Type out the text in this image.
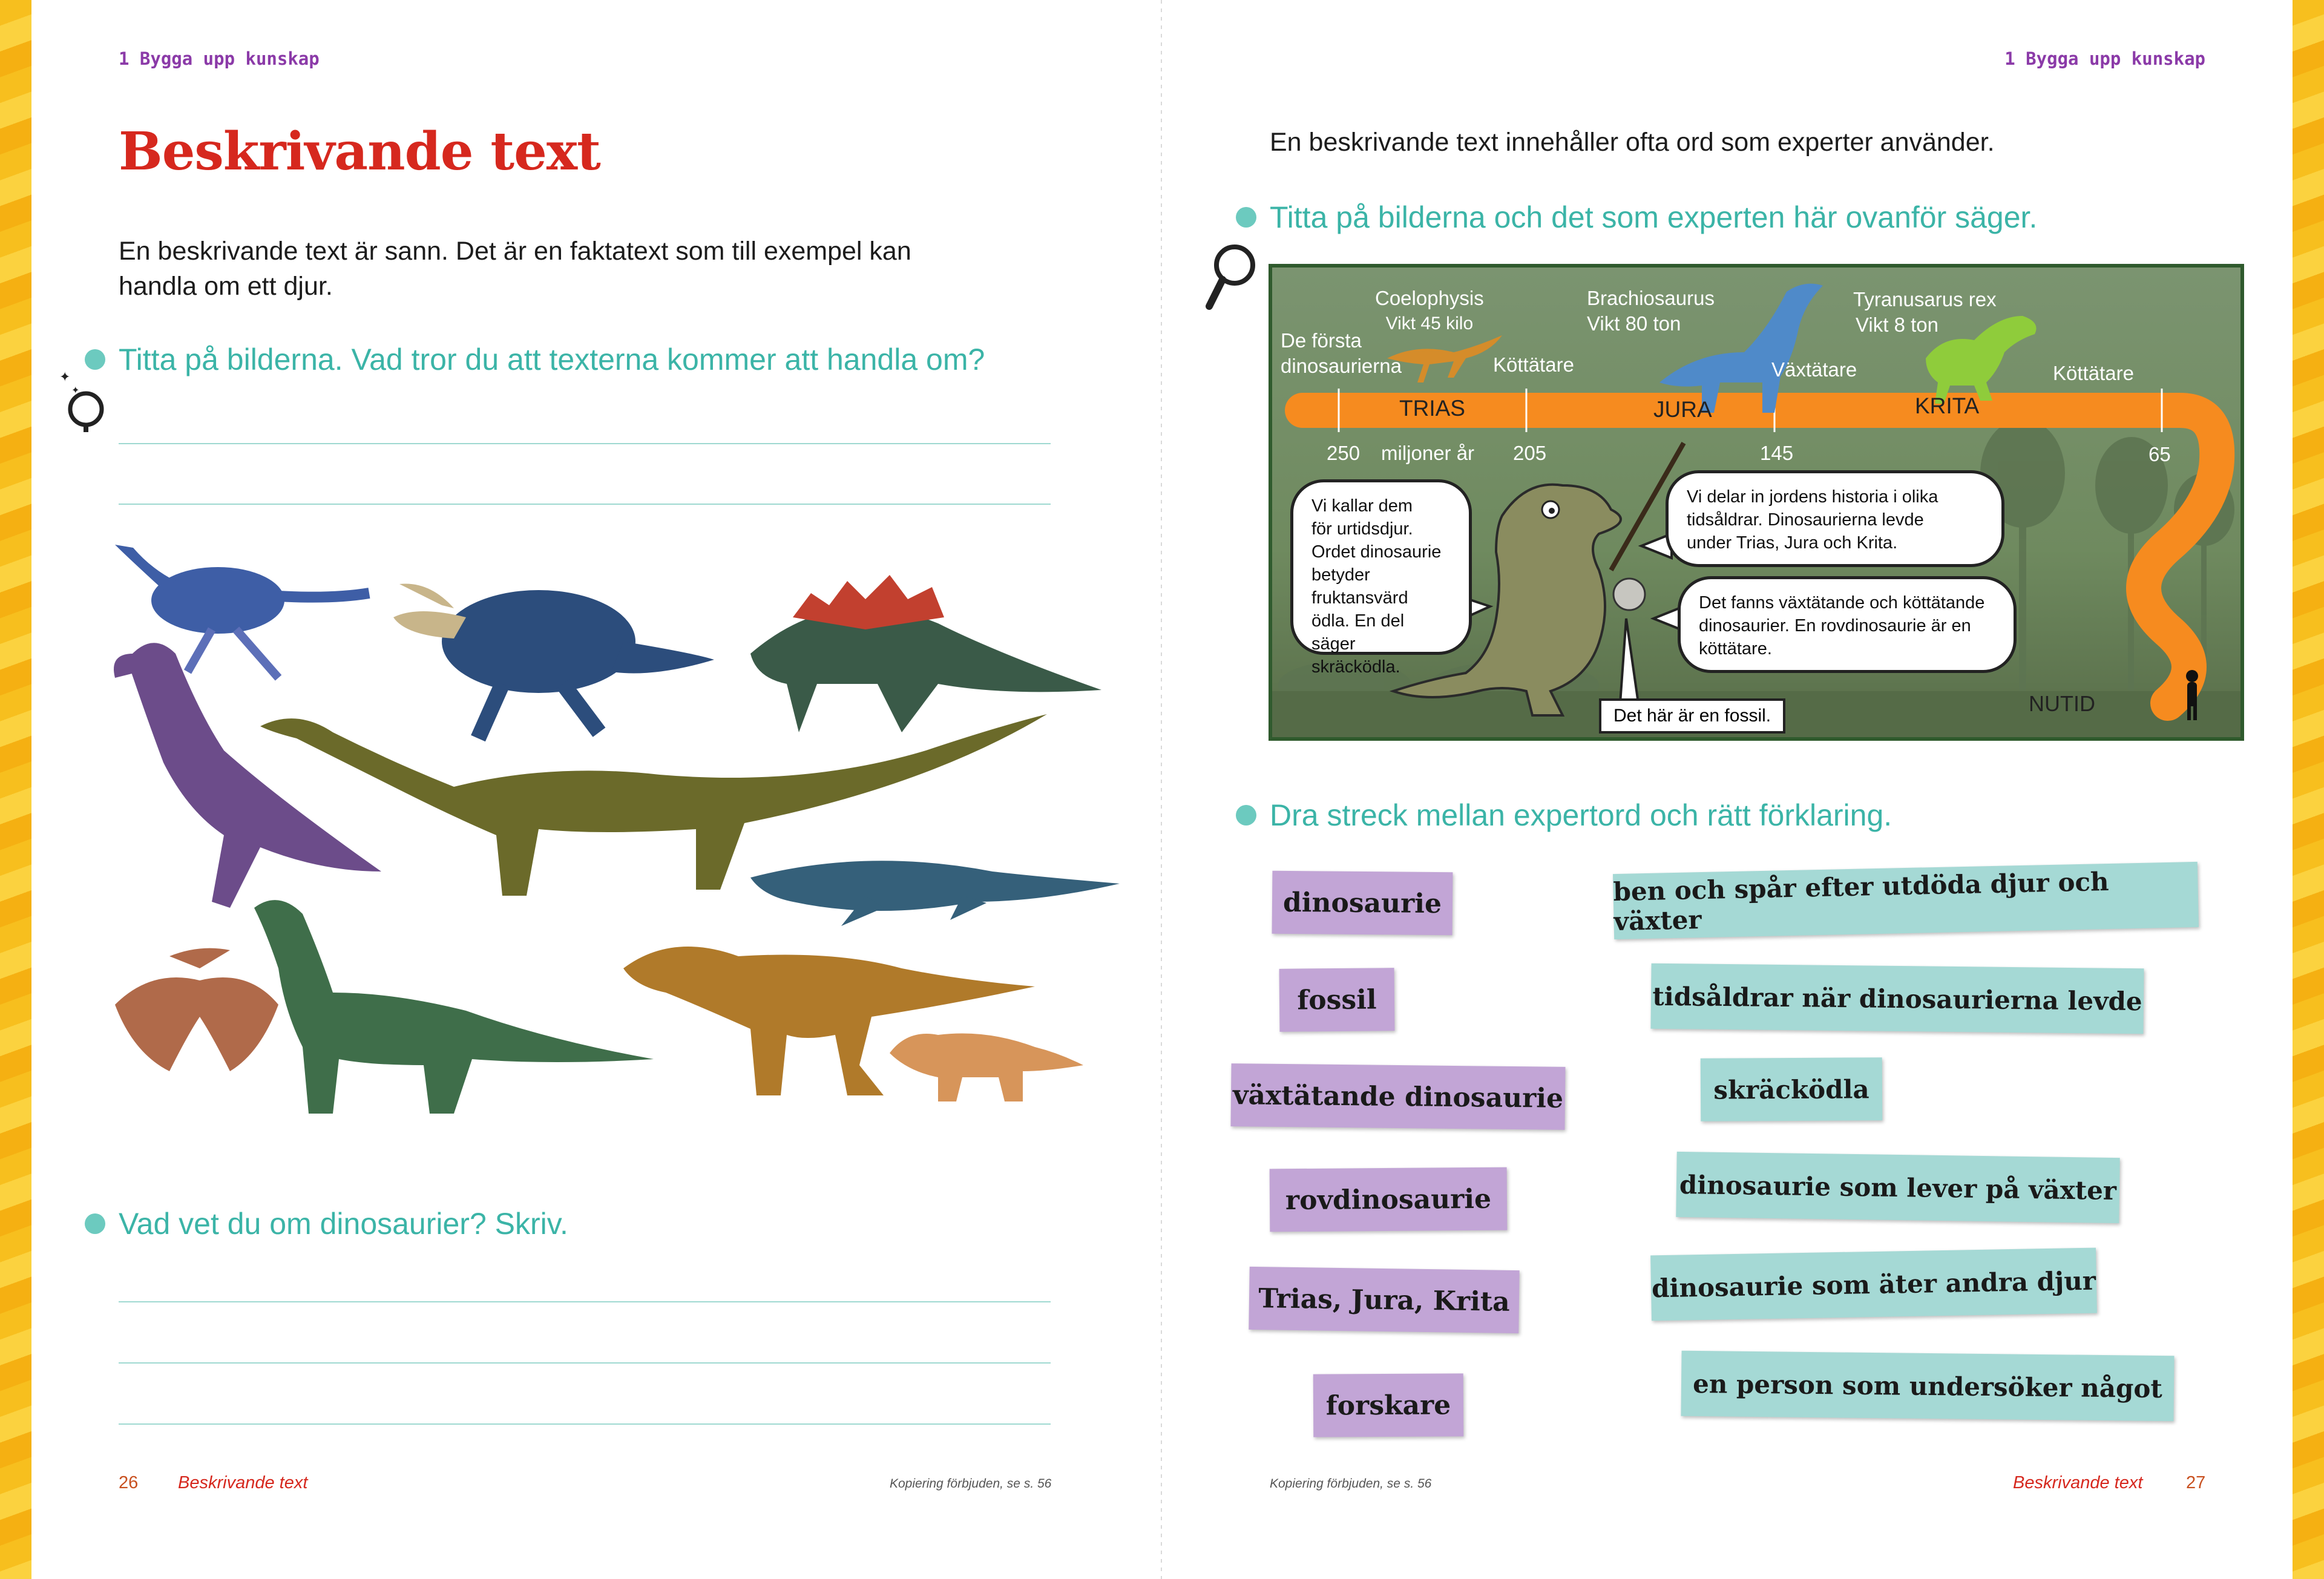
1 Bygga upp kunskap
Beskrivande text
En beskrivande text är sann. Det är en faktatext som till exempel kan
handla om ett djur.
✦
✦
Titta på bilderna. Vad tror du att texterna kommer att handla om?
Vad vet du om dinosaurier? Skriv.
26 Beskrivande text	Kopiering förbjuden, se s. 56
1 Bygga upp kunskap
En beskrivande text innehåller ofta ord som experter använder.
Titta på bilderna och det som experten här ovanför säger.
De första
dinosaurierna
Coelophysis
Vikt 45 kilo
Köttätare
Brachiosaurus
Vikt 80 ton
Växtätare
Tyranusarus rex
Vikt 8 ton
Köttätare
TRIAS	JURA	KRITA
250 miljoner år 205	145	65
Vi kallar dem
för urtidsdjur.
Ordet dinosaurie
betyder fruktansvärd
ödla. En del säger
skräcködla.
Vi delar in jordens historia i olika
tidsåldrar. Dinosaurierna levde
under Trias, Jura och Krita.
Det fanns växtätande och köttätande
dinosaurier. En rovdinosaurie är en
köttätare.
Det här är en fossil.	NUTID
Dra streck mellan expertord och rätt förklaring.
dinosaurie
fossil
växtätande dinosaurie
rovdinosaurie
Trias, Jura, Krita
forskare
ben och spår efter utdöda djur och växter
tidsåldrar när dinosaurierna levde
skräcködla
dinosaurie som lever på växter
dinosaurie som äter andra djur
en person som undersöker något
Kopiering förbjuden, se s. 56	Beskrivande text 27
